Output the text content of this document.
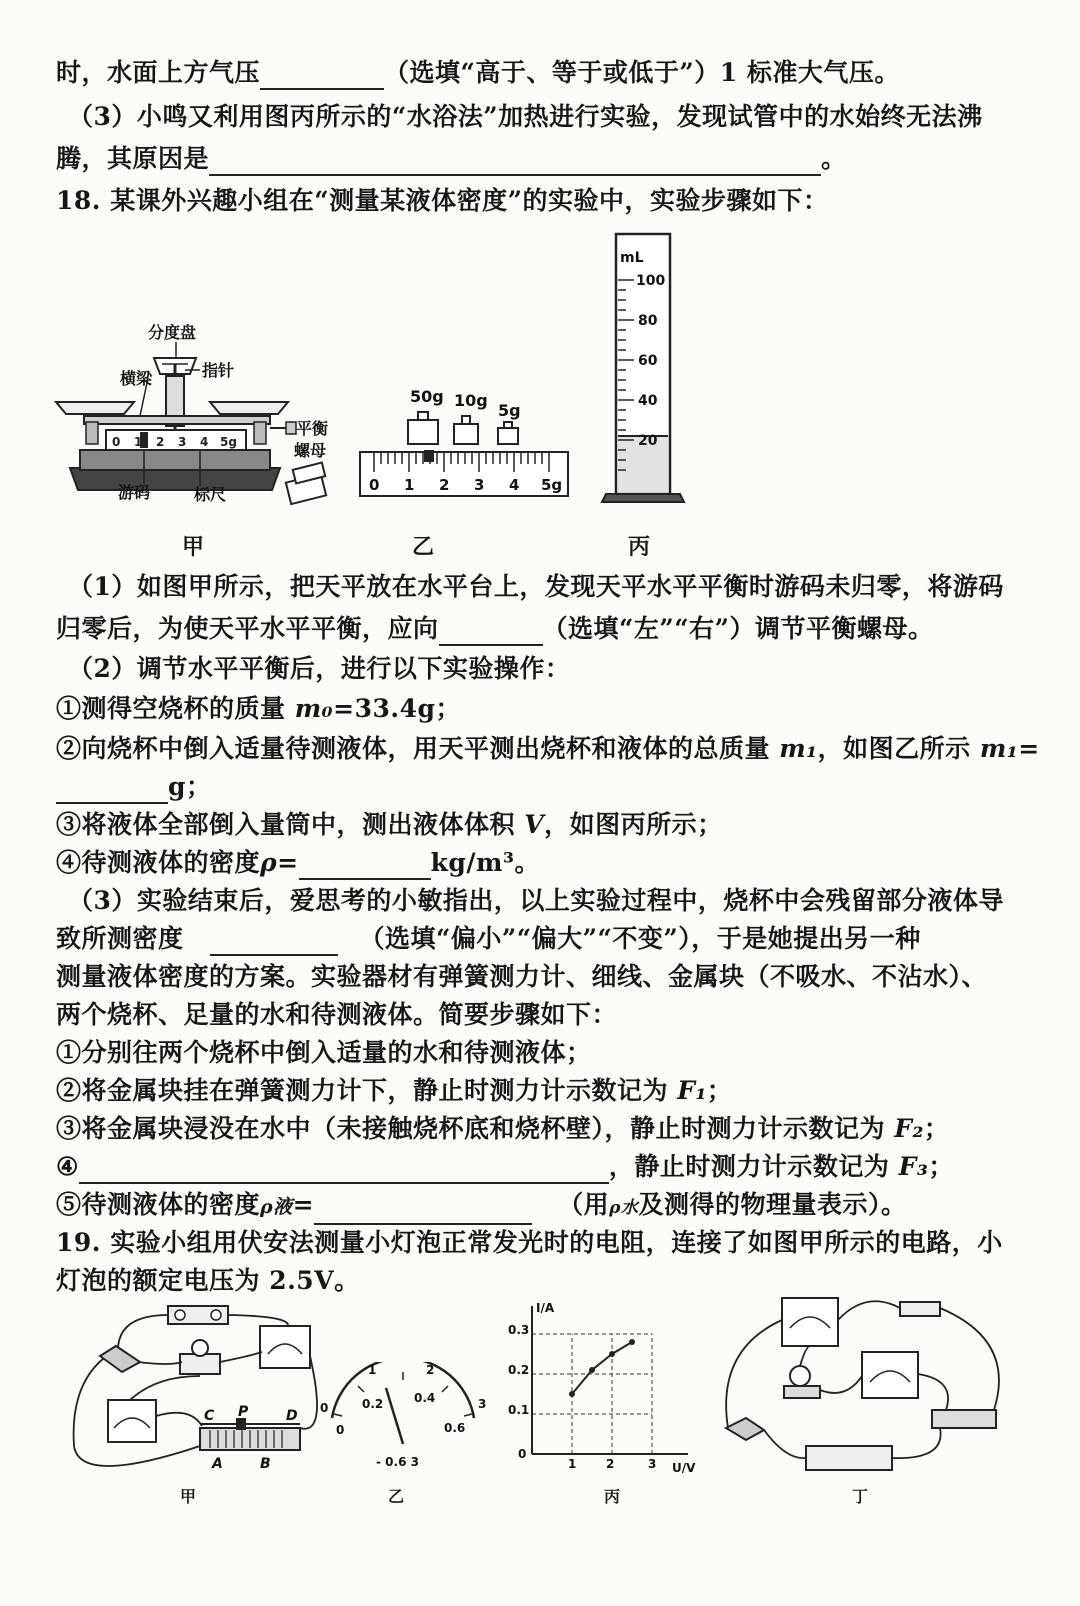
时，水面上方气压	（选填“高于、等于或低于”）1 标准大气压。
（3）小鸣又利用图丙所示的“水浴法”加热进行实验，发现试管中的水始终无法沸
腾，其原因是	。
18. 某课外兴趣小组在“测量某液体密度”的实验中，实验步骤如下：
0 1 2 3 4 5g
分度盘
指针
横梁
平衡
螺母
游码	标尺
50g 10g
5g
0 1 2 3 4 5g
mL
100
80
60
40
20
甲	乙	丙
（1）如图甲所示，把天平放在水平台上，发现天平水平平衡时游码未归零，将游码
归零后，为使天平水平平衡，应向	（选填“左”“右”）调节平衡螺母。
（2）调节水平平衡后，进行以下实验操作：
①测得空烧杯的质量 m₀=33.4g；
②向烧杯中倒入适量待测液体，用天平测出烧杯和液体的总质量 m₁，如图乙所示 m₁=
g；
③将液体全部倒入量筒中，测出液体体积 V，如图丙所示；
④待测液体的密度ρ=	kg/m³。
（3）实验结束后，爱思考的小敏指出，以上实验过程中，烧杯中会残留部分液体导
致所测密度	（选填“偏小”“偏大”“不变”），于是她提出另一种
测量液体密度的方案。实验器材有弹簧测力计、细线、金属块（不吸水、不沾水）、
两个烧杯、足量的水和待测液体。简要步骤如下：
①分别往两个烧杯中倒入适量的水和待测液体；
②将金属块挂在弹簧测力计下，静止时测力计示数记为 F₁；
③将金属块浸没在水中（未接触烧杯底和烧杯壁），静止时测力计示数记为 F₂；
④	，静止时测力计示数记为 F₃；
⑤待测液体的密度ρ液=	（用ρ水及测得的物理量表示）。
19. 实验小组用伏安法测量小灯泡正常发光时的电阻，连接了如图甲所示的电路，小
灯泡的额定电压为 2.5V。
C P	D
A	B
0
1	2
3
0
0.2	0.4
0.6
- 0.6 3
I/A
U/V
0.3
0.2
0.1
0
1 2	3
甲	乙	丙	丁
